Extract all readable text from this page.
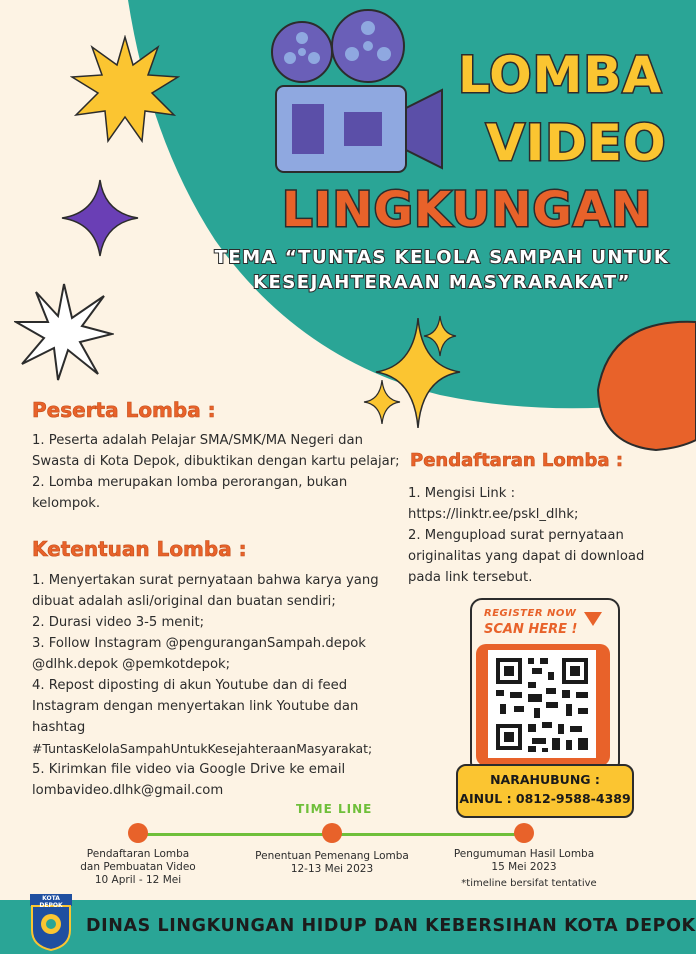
LOMBA
VIDEO
LINGKUNGAN
TEMA “TUNTAS KELOLA SAMPAH UNTUK
KESEJAHTERAAN MASYRARAKAT”
Peserta Lomba :

1. Peserta adalah Pelajar SMA/SMK/MA Negeri dan

Swasta di Kota Depok, dibuktikan dengan kartu pelajar;

2. Lomba merupakan lomba perorangan, bukan

kelompok.

Ketentuan Lomba :

1. Menyertakan surat pernyataan bahwa karya yang

dibuat adalah asli/original dan buatan sendiri;

2. Durasi video 3-5 menit;

3. Follow Instagram @penguranganSampah.depok

@dlhk.depok @pemkotdepok;

4. Repost diposting di akun Youtube dan di feed

Instagram dengan menyertakan link Youtube dan

hashtag

#TuntasKelolaSampahUntukKesejahteraanMasyarakat;

5. Kirimkan file video via Google Drive ke email

lombavideo.dlhk@gmail.com

Pendaftaran Lomba :

1. Mengisi Link :

https://linktr.ee/pskl_dlhk;

2. Mengupload surat pernyataan

originalitas yang dapat di download

pada link tersebut.

REGISTER NOW
SCAN HERE !
NARAHUBUNG :
AINUL : 0812-9588-4389
TIME LINE
Pendaftaran Lomba
dan Pembuatan Video
10 April - 12 Mei
Penentuan Pemenang Lomba
12-13 Mei 2023
Pengumuman Hasil Lomba
15 Mei 2023
*timeline bersifat tentative
KOTA DEPOK
DINAS LINGKUNGAN HIDUP DAN KEBERSIHAN KOTA DEPOK
